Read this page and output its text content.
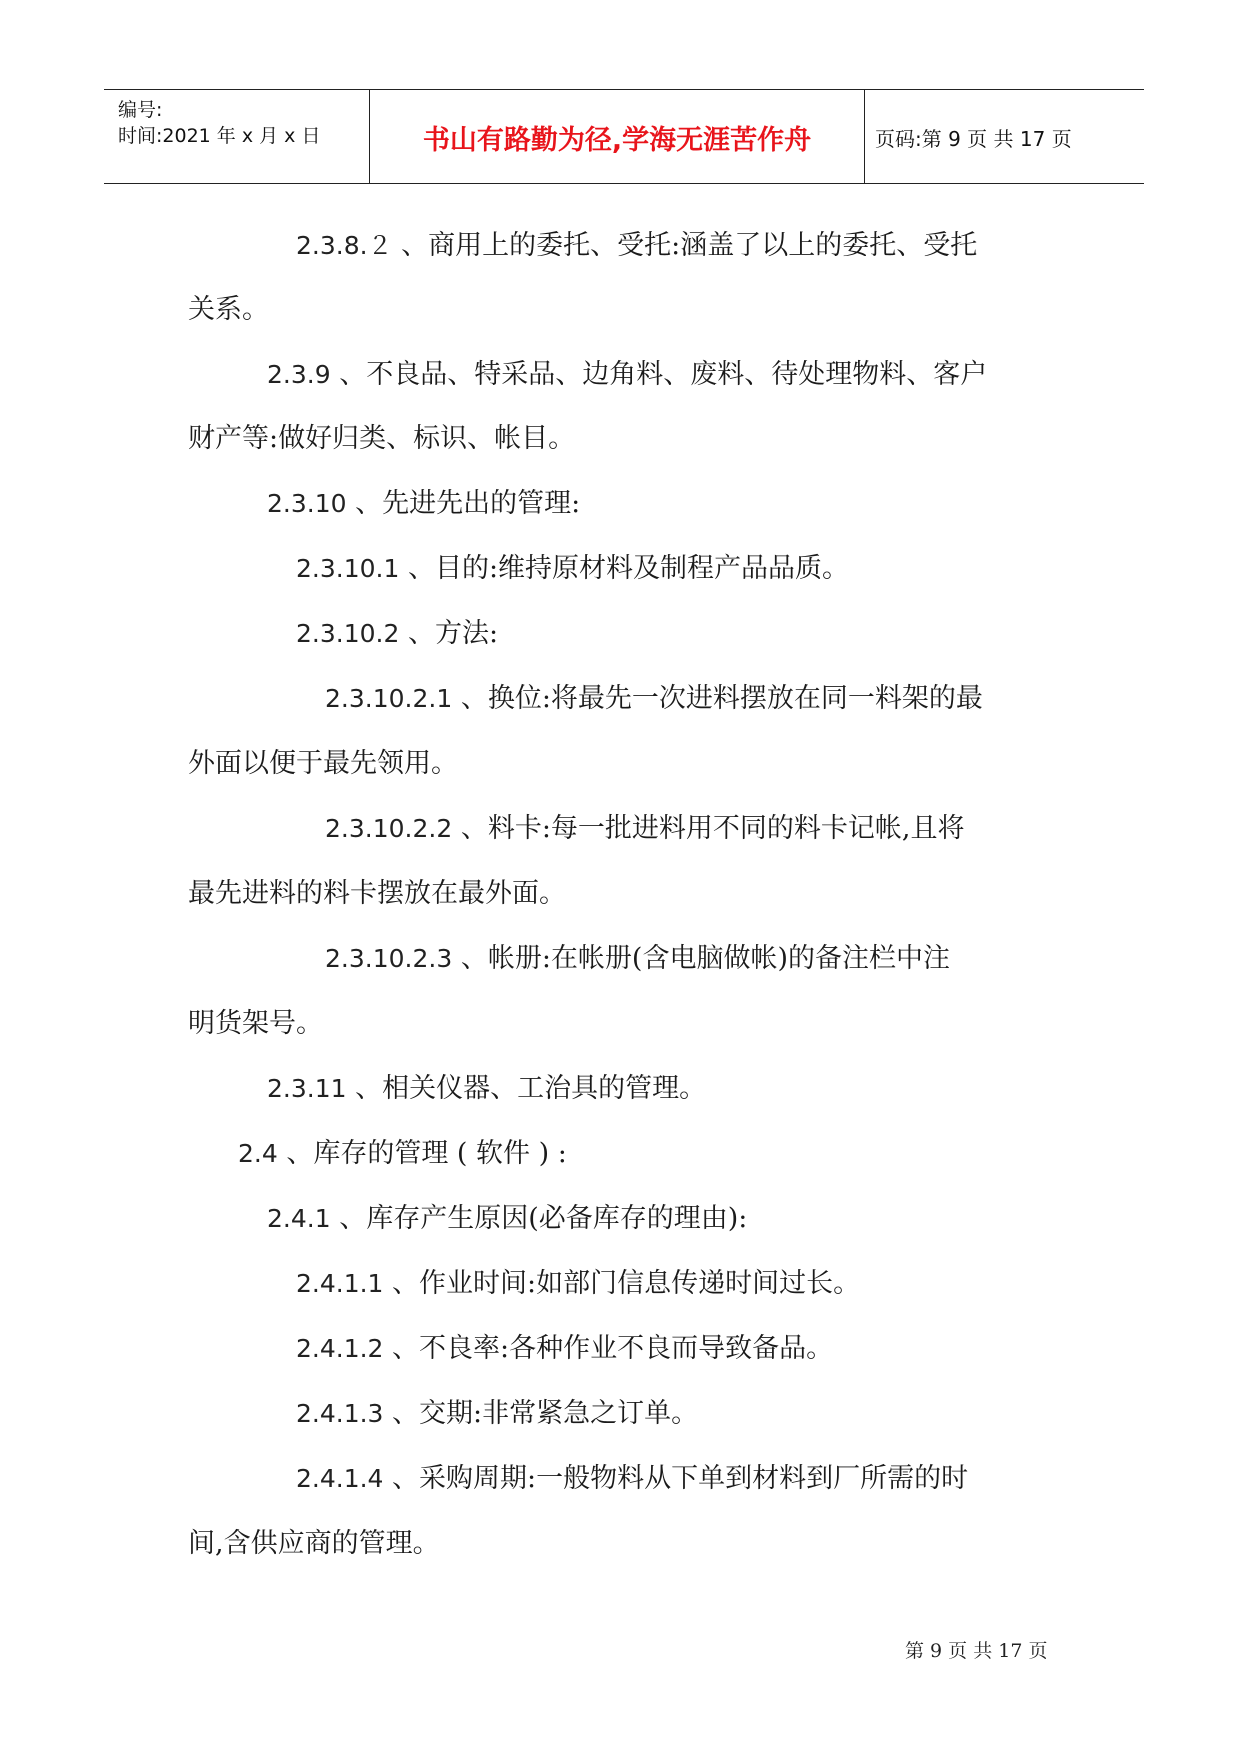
编号:
时间:2021 年 x 月 x 日	书山有路勤为径,学海无涯苦作舟	页码:第 9 页 共 17 页
2.3.8.２ 、商用上的委托、受托:涵盖了以上的委托、受托
关系。
2.3.9 、不良品、特采品、边角料、废料、待处理物料、客户
财产等:做好归类、标识、帐目。
2.3.10 、先进先出的管理:
2.3.10.1 、目的:维持原材料及制程产品品质。
2.3.10.2 、方法:
2.3.10.2.1 、换位:将最先一次进料摆放在同一料架的最
外面以便于最先领用。
2.3.10.2.2 、料卡:每一批进料用不同的料卡记帐,且将
最先进料的料卡摆放在最外面。
2.3.10.2.3 、帐册:在帐册(含电脑做帐)的备注栏中注
明货架号。
2.3.11 、相关仪器、工治具的管理。
2.4 、库存的管理 ( 软件 ) :
2.4.1 、库存产生原因(必备库存的理由):
2.4.1.1 、作业时间:如部门信息传递时间过长。
2.4.1.2 、不良率:各种作业不良而导致备品。
2.4.1.3 、交期:非常紧急之订单。
2.4.1.4 、采购周期:一般物料从下单到材料到厂所需的时
间,含供应商的管理。
第 9 页 共 17 页
